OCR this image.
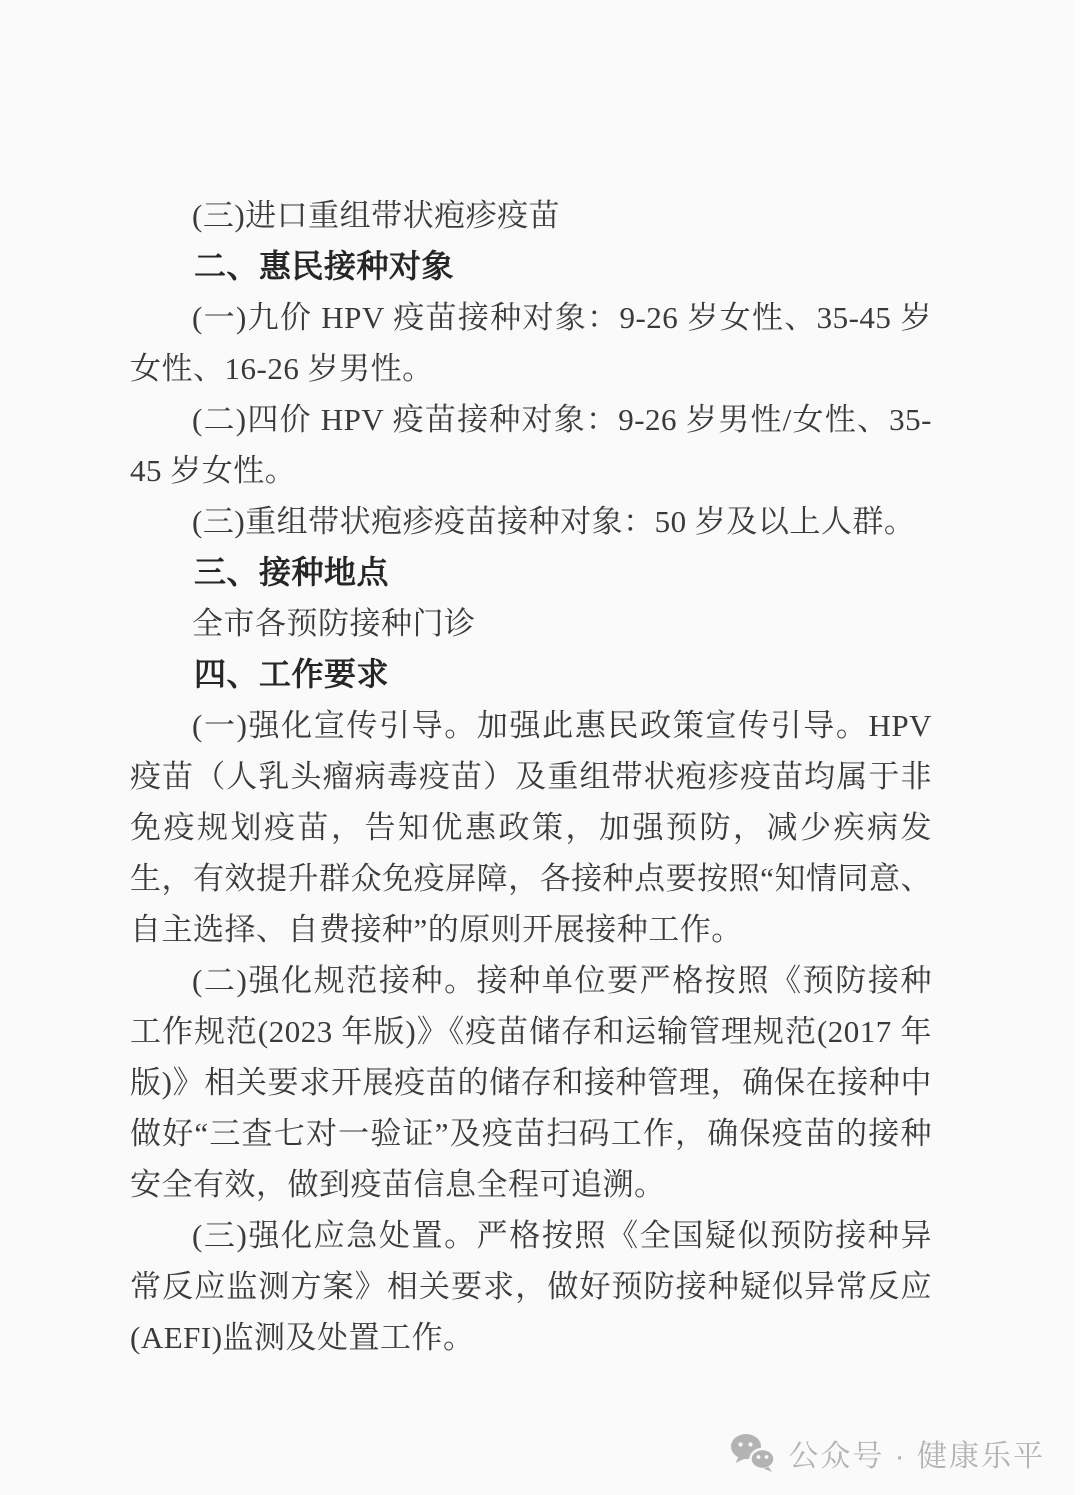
(三)进口重组带状疱疹疫苗

二、惠民接种对象

(一)九价 HPV 疫苗接种对象：9-26 岁女性、35-45 岁女性、16-26 岁男性。

(二)四价 HPV 疫苗接种对象：9-26 岁男性/女性、35-45 岁女性。

(三)重组带状疱疹疫苗接种对象：50 岁及以上人群。

三、接种地点

全市各预防接种门诊

四、工作要求

(一)强化宣传引导。加强此惠民政策宣传引导。HPV 疫苗（人乳头瘤病毒疫苗）及重组带状疱疹疫苗均属于非免疫规划疫苗，告知优惠政策，加强预防，减少疾病发生，有效提升群众免疫屏障，各接种点要按照“知情同意、自主选择、自费接种”的原则开展接种工作。

(二)强化规范接种。接种单位要严格按照《预防接种工作规范(2023 年版)》《疫苗储存和运输管理规范(2017 年版)》相关要求开展疫苗的储存和接种管理，确保在接种中做好“三查七对一验证”及疫苗扫码工作，确保疫苗的接种安全有效，做到疫苗信息全程可追溯。

(三)强化应急处置。严格按照《全国疑似预防接种异常反应监测方案》相关要求，做好预防接种疑似异常反应(AEFI)监测及处置工作。

公众号 · 健康乐平
